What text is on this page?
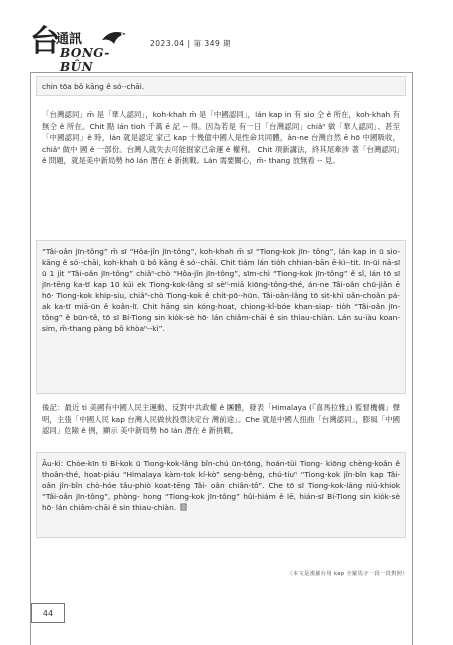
台
通訊
BONG-BÛN
2023.04 | 第 349 期
chin tōa bô kāng ê só·-chāi.
「台灣認同」m̄ 是「華人認同」，koh-khah m̄ 是「中國認同」，lán kap in 有 sio 仝 ê 所在，koh-khah 有無仝 ê 所在。Chit 點 lán tioh 千萬 ē 記 -- 得。因為若是 有一日「台灣認同」chiâⁿ 做「華人認同」、甚至「中國認同」ê 時，lán 就是認定 家己 kap 十幾億中國人是性命共同體，ân-ne 台灣自然 ē hō 中國吸收，chiâⁿ 做中 國 ê 一部份。台灣人就失去可能掘家己命運 ê 權利。 Chit 項新講法，終其尾牽涉 著「台灣認同」ê 問題，就是美中新局勢 hō lán 潛在 ê 新挑戰。Lán 需要關心，m̄- thang 放無看 -- 見。
“Tâi-oân jīn-tông” m̄ sī “Hôa-jîn jīn-tông”, koh-khah m̄ sī “Tiong-kok jīn- tông”, lán kap in ū sio-kāng ê só·-chāi, koh-khah ū bô kāng ê só·-chāi. Chit tiám lán tio̍h chhian-bān ē-kì--tit. In-ūi nā-sī ū 1 ji̍t “Tâi-oân jīn-tông” chiâⁿ-chò “Hôa-jîn jīn-tông”, sīm-chì “Tiong-kok jīn-tông” ê sî, lán tō sī jīn-tēng ka-tī kap 10 kúi ek Tiong-kok-lâng sī sèⁿ-miā kiōng-tông-thé, án-ne Tâi-oân chū-jiân ē hō· Tiong-kok khip-siu, chiâⁿ-chò Tiong-kok ê chi̍t-pō·-hūn. Tâi-oân-lâng tō sit-khì oân-choân pá-ak ka-tī miā-ūn ê koân-lī. Chit hāng sin kóng-hoat, chiong-kî-bóe khan-siap- tio̍h “Tâi-oân jīn-tông” ê būn-tê, tō sī Bí-Tiong sin kio̍k-sè hō· lán chiâm-chāi ê sin thiau-chiàn. Lán su-iàu koan-sim, m̄-thang pàng bô khòaⁿ--kì”.
後記：最近 ti 美國有中國人民主運動、反對中共政權 ê 團體，發表「Himalaya (『喜馬拉雅』) 監督機構」聲明，主張「中國人民 kap 台灣人民做伙投票決定台 灣前途」。Che 就是中國人扭曲「台灣認同」，膨風「中國認同」危險 ê 例，顯示 美中新局勢 hō lán 潛在 ê 新挑戰。
Āu-kì: Chòe-kīn ti Bí-kok ū Tiong-kok-lâng bîn-chú ūn-tōng, hoán-tùi Tiong- kiōng chèng-koân ê thoân-thé, hoat-piáu “Himalaya kàm-tok kí-kò” seng-bêng, chú-tiuⁿ “Tiong-kok jîn-bîn kap Tâi-oân jîn-bîn chò-hóe tâu-phiò koat-tēng Tâi- oân chiân-tô”. Che tō sī Tiong-kok-lâng niú-khiok “Tâi-oân jīn-tông”, phòng- hong “Tiong-kok jīn-tông” hûi-hiám ê lē, hián-sī Bí-Tiong sin kio̍k-sè hō· lán chiâm-chāi ê sin thiau-chiàn.
（本文是漢羅台用 kap 全羅馬字一段一段對照）
44
